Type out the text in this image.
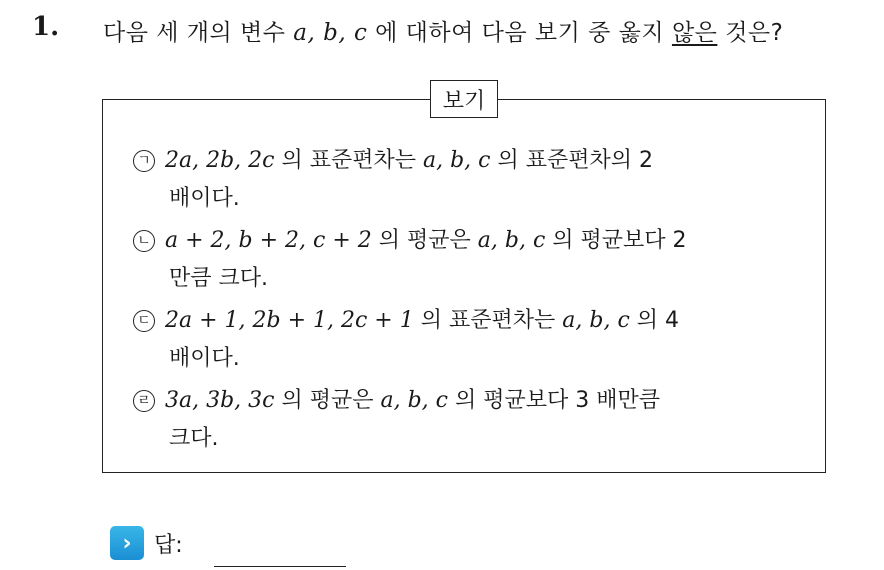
1. 다음 세 개의 변수 a, b, c 에 대하여 다음 보기 중 옳지 않은 것은?
보기
ㄱ 2a, 2b, 2c 의 표준편차는 a, b, c 의 표준편차의 2
배이다.
ㄴ a + 2, b + 2, c + 2 의 평균은 a, b, c 의 평균보다 2
만큼 크다.
ㄷ 2a + 1, 2b + 1, 2c + 1 의 표준편차는 a, b, c 의 4
배이다.
ㄹ 3a, 3b, 3c 의 평균은 a, b, c 의 평균보다 3 배만큼
크다.
›	답:
